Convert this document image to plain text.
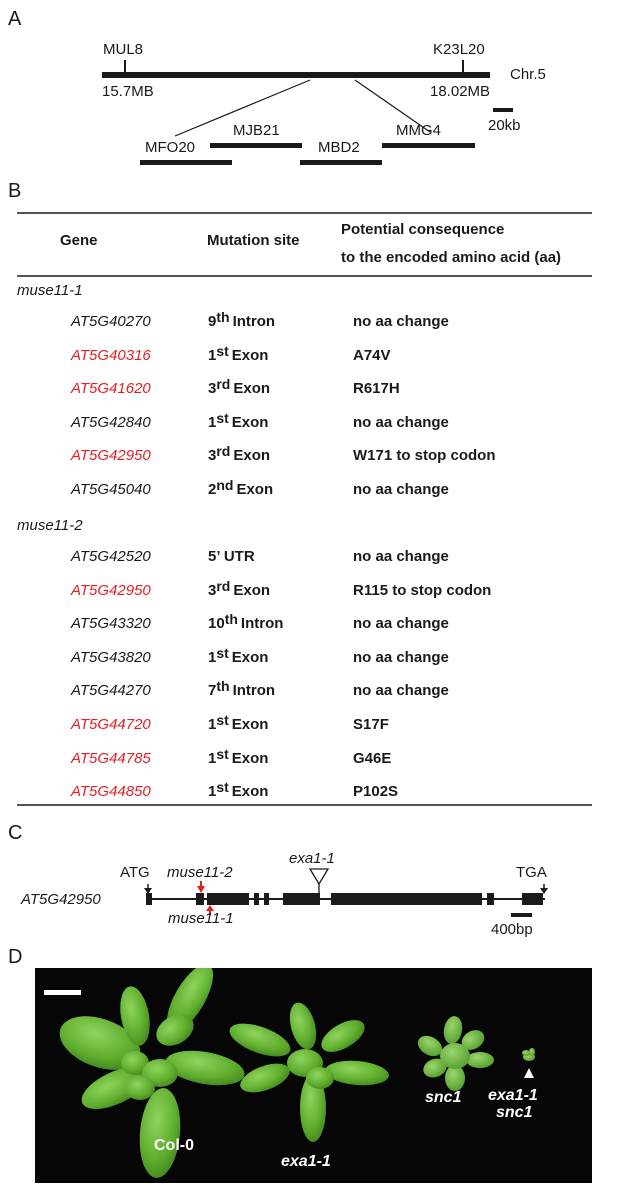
A
B
C
D
MUL8	K23L20
15.7MB	18.02MB
Chr.5
20kb
MFO20
MJB21
MBD2
MMG4
Gene	Mutation site
Potential consequence
to the encoded amino acid (aa)
muse11-1
AT5G40270	9th Intron	no aa change
AT5G40316	1st Exon	A74V
AT5G41620	3rd Exon	R617H
AT5G42840	1st Exon	no aa change
AT5G42950	3rd Exon	W171 to stop codon
AT5G45040	2nd Exon	no aa change
muse11-2
AT5G42520	5’ UTR	no aa change
AT5G42950	3rd Exon	R115 to stop codon
AT5G43320	10th Intron	no aa change
AT5G43820	1st Exon	no aa change
AT5G44270	7th Intron	no aa change
AT5G44720	1st Exon	S17F
AT5G44785	1st Exon	G46E
AT5G44850	1st Exon	P102S
ATG	TGA
muse11-2
exa1-1
AT5G42950
muse11-1
400bp
Col-0
exa1-1
snc1 exa1-1
snc1
